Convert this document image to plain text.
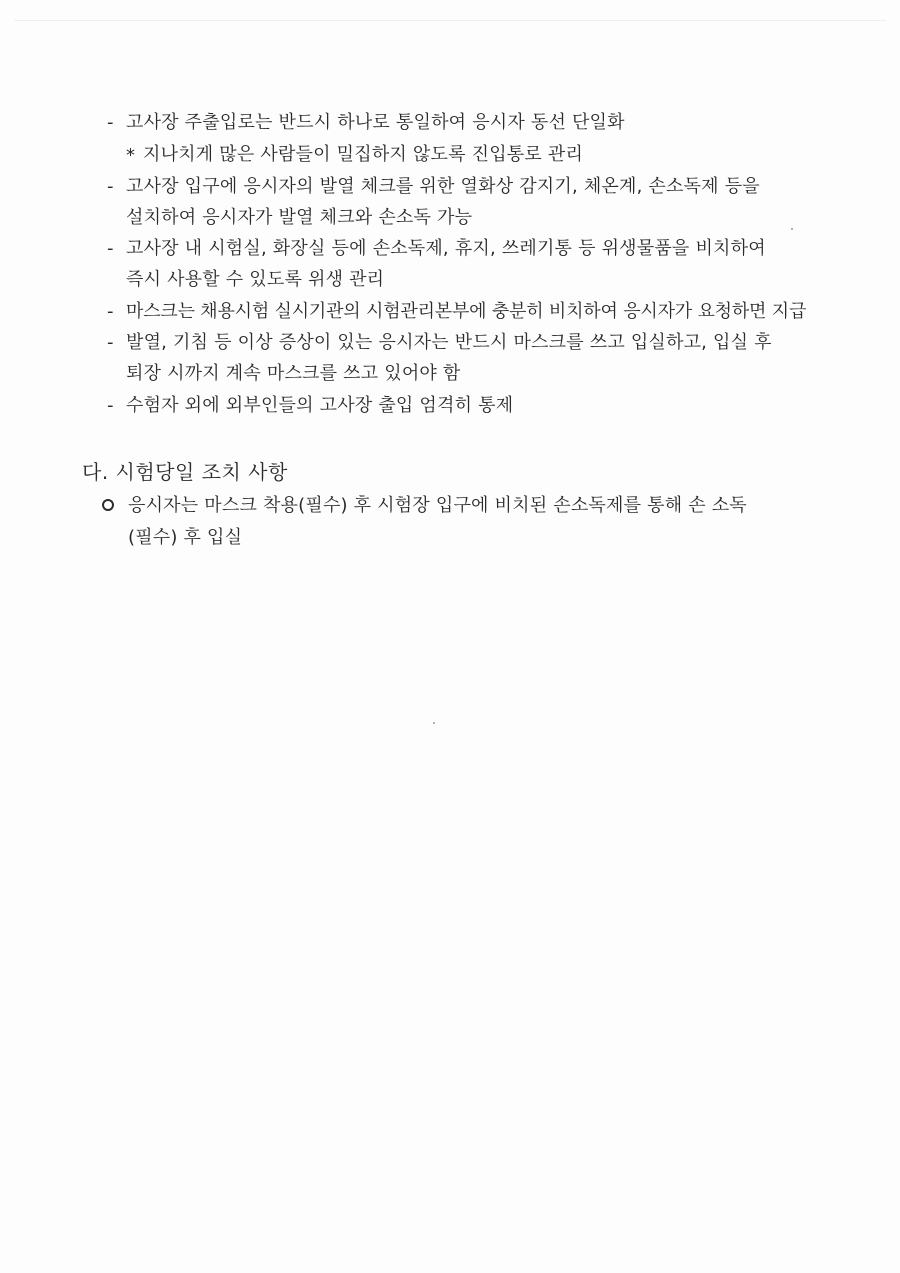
- 고사장 주출입로는 반드시 하나로 통일하여 응시자 동선 단일화
* 지나치게 많은 사람들이 밀집하지 않도록 진입통로 관리
- 고사장 입구에 응시자의 발열 체크를 위한 열화상 감지기, 체온계, 손소독제 등을
설치하여 응시자가 발열 체크와 손소독 가능
- 고사장 내 시험실, 화장실 등에 손소독제, 휴지, 쓰레기통 등 위생물품을 비치하여
즉시 사용할 수 있도록 위생 관리
- 마스크는 채용시험 실시기관의 시험관리본부에 충분히 비치하여 응시자가 요청하면 지급
- 발열, 기침 등 이상 증상이 있는 응시자는 반드시 마스크를 쓰고 입실하고, 입실 후
퇴장 시까지 계속 마스크를 쓰고 있어야 함
- 수험자 외에 외부인들의 고사장 출입 엄격히 통제
다. 시험당일 조치 사항
응시자는 마스크 착용(필수) 후 시험장 입구에 비치된 손소독제를 통해 손 소독
(필수) 후 입실
